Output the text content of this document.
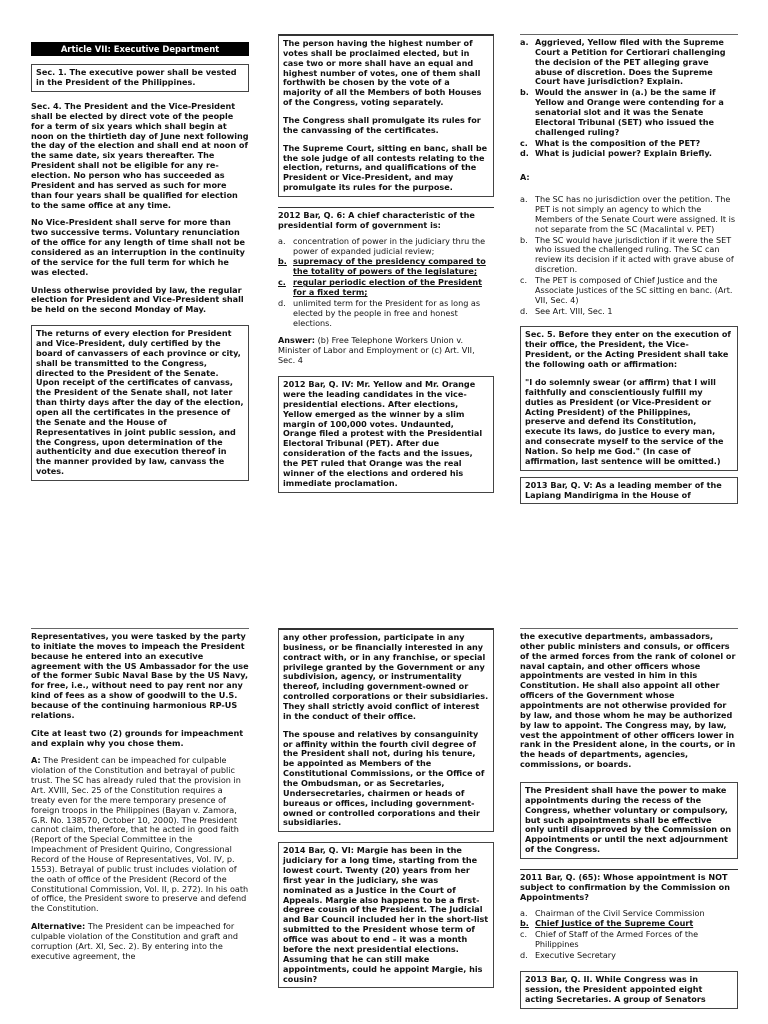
Article VII: Executive Department
Sec. 1. The executive power shall be vested in the President of the Philippines.

Sec. 4. The President and the Vice-President shall be elected by direct vote of the people for a term of six years which shall begin at noon on the thirtieth day of June next following the day of the election and shall end at noon of the same date, six years thereafter. The President shall not be eligible for any re-election. No person who has succeeded as President and has served as such for more than four years shall be qualified for election to the same office at any time.

No Vice-President shall serve for more than two successive terms. Voluntary renunciation of the office for any length of time shall not be considered as an interruption in the continuity of the service for the full term for which he was elected.

Unless otherwise provided by law, the regular election for President and Vice-President shall be held on the second Monday of May.

The returns of every election for President and Vice-President, duly certified by the board of canvassers of each province or city, shall be transmitted to the Congress, directed to the President of the Senate. Upon receipt of the certificates of canvass, the President of the Senate shall, not later than thirty days after the day of the election, open all the certificates in the presence of the Senate and the House of Representatives in joint public session, and the Congress, upon determination of the authenticity and due execution thereof in the manner provided by law, canvass the votes.

The person having the highest number of votes shall be proclaimed elected, but in case two or more shall have an equal and highest number of votes, one of them shall forthwith be chosen by the vote of a majority of all the Members of both Houses of the Congress, voting separately.

The Congress shall promulgate its rules for the canvassing of the certificates.

The Supreme Court, sitting en banc, shall be the sole judge of all contests relating to the election, returns, and qualifications of the President or Vice-President, and may promulgate its rules for the purpose.

2012 Bar, Q. 6: A chief characteristic of the presidential form of government is:
a. concentration of power in the judiciary thru the power of expanded judicial review;
b. supremacy of the presidency compared to the totality of powers of the legislature;
c. regular periodic election of the President for a fixed term;
d. unlimited term for the President for as long as elected by the people in free and honest elections.
Answer: (b) Free Telephone Workers Union v. Minister of Labor and Employment or (c) Art. VII, Sec. 4
2012 Bar, Q. IV: Mr. Yellow and Mr. Orange were the leading candidates in the vice-presidential elections. After elections, Yellow emerged as the winner by a slim margin of 100,000 votes. Undaunted, Orange filed a protest with the Presidential Electoral Tribunal (PET). After due consideration of the facts and the issues, the PET ruled that Orange was the real winner of the elections and ordered his immediate proclamation.
a. Aggrieved, Yellow filed with the Supreme Court a Petition for Certiorari challenging the decision of the PET alleging grave abuse of discretion. Does the Supreme Court have jurisdiction? Explain.
b. Would the answer in (a.) be the same if Yellow and Orange were contending for a senatorial slot and it was the Senate Electoral Tribunal (SET) who issued the challenged ruling?
c. What is the composition of the PET?
d. What is judicial power? Explain Briefly.
A:
a. The SC has no jurisdiction over the petition. The PET is not simply an agency to which the Members of the Senate Court were assigned. It is not separate from the SC (Macalintal v. PET)
b. The SC would have jurisdiction if it were the SET who issued the challenged ruling. The SC can review its decision if it acted with grave abuse of discretion.
c. The PET is composed of Chief Justice and the Associate Justices of the SC sitting en banc. (Art. VII, Sec. 4)
d. See Art. VIII, Sec. 1

Sec. 5. Before they enter on the execution of their office, the President, the Vice-President, or the Acting President shall take the following oath or affirmation:

"I do solemnly swear (or affirm) that I will faithfully and conscientiously fulfill my duties as President (or Vice-President or Acting President) of the Philippines, preserve and defend its Constitution, execute its laws, do justice to every man, and consecrate myself to the service of the Nation. So help me God." (In case of affirmation, last sentence will be omitted.)

2013 Bar, Q. V: As a leading member of the Lapiang Mandirigma in the House of

Representatives, you were tasked by the party to initiate the moves to impeach the President because he entered into an executive agreement with the US Ambassador for the use of the former Subic Naval Base by the US Navy, for free, i.e., without need to pay rent nor any kind of fees as a show of goodwill to the U.S. because of the continuing harmonious RP-US relations.

Cite at least two (2) grounds for impeachment and explain why you chose them.

A: The President can be impeached for culpable violation of the Constitution and betrayal of public trust. The SC has already ruled that the provision in Art. XVIII, Sec. 25 of the Constitution requires a treaty even for the mere temporary presence of foreign troops in the Philippines (Bayan v. Zamora, G.R. No. 138570, October 10, 2000). The President cannot claim, therefore, that he acted in good faith (Report of the Special Committee in the Impeachment of President Quirino, Congressional Record of the House of Representatives, Vol. IV, p. 1553). Betrayal of public trust includes violation of the oath of office of the President (Record of the Constitutional Commission, Vol. II, p. 272). In his oath of office, the President swore to preserve and defend the Constitution.

Alternative: The President can be impeached for culpable violation of the Constitution and graft and corruption (Art. XI, Sec. 2). By entering into the executive agreement, the

any other profession, participate in any business, or be financially interested in any contract with, or in any franchise, or special privilege granted by the Government or any subdivision, agency, or instrumentality thereof, including government-owned or controlled corporations or their subsidiaries. They shall strictly avoid conflict of interest in the conduct of their office.

The spouse and relatives by consanguinity or affinity within the fourth civil degree of the President shall not, during his tenure, be appointed as Members of the Constitutional Commissions, or the Office of the Ombudsman, or as Secretaries, Undersecretaries, chairmen or heads of bureaus or offices, including government-owned or controlled corporations and their subsidiaries.

2014 Bar, Q. VI: Margie has been in the judiciary for a long time, starting from the lowest court. Twenty (20) years from her first year in the judiciary, she was nominated as a Justice in the Court of Appeals. Margie also happens to be a first-degree cousin of the President. The Judicial and Bar Council included her in the short-list submitted to the President whose term of office was about to end – it was a month before the next presidential elections. Assuming that he can still make appointments, could he appoint Margie, his cousin?
the executive departments, ambassadors, other public ministers and consuls, or officers of the armed forces from the rank of colonel or naval captain, and other officers whose appointments are vested in him in this Constitution. He shall also appoint all other officers of the Government whose appointments are not otherwise provided for by law, and those whom he may be authorized by law to appoint. The Congress may, by law, vest the appointment of other officers lower in rank in the President alone, in the courts, or in the heads of departments, agencies, commissions, or boards.
The President shall have the power to make appointments during the recess of the Congress, whether voluntary or compulsory, but such appointments shall be effective only until disapproved by the Commission on Appointments or until the next adjournment of the Congress.
2011 Bar, Q. (65): Whose appointment is NOT subject to confirmation by the Commission on Appointments?
a. Chairman of the Civil Service Commission
b. Chief Justice of the Supreme Court
c. Chief of Staff of the Armed Forces of the Philippines
d. Executive Secretary
2013 Bar, Q. II. While Congress was in session, the President appointed eight acting Secretaries. A group of Senators
